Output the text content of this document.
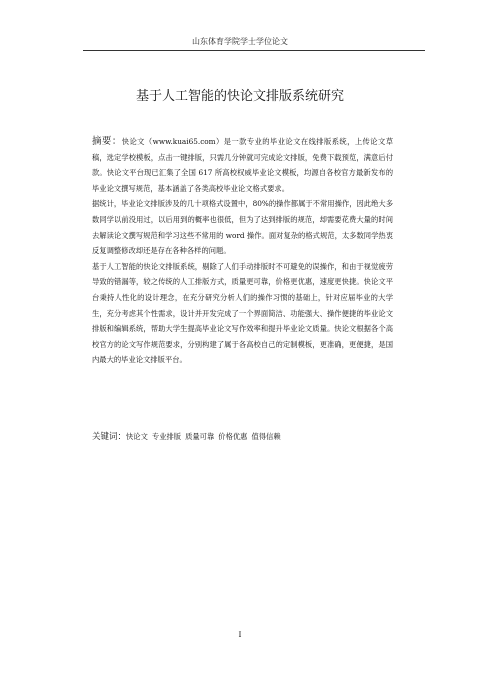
山东体育学院学士学位论文
基于人工智能的快论文排版系统研究

摘要：快论文（www.kuai65.com）是一款专业的毕业论文在线排版系统，上传论文草稿，选定学校模板，点击一键排版，只需几分钟就可完成论文排版，免费下载预览，满意后付款。快论文平台现已汇集了全国 617 所高校权威毕业论文模板，均源自各校官方最新发布的毕业论文撰写规范，基本涵盖了各类高校毕业论文格式要求。

据统计，毕业论文排版涉及的几十项格式设置中，80%的操作都属于不常用操作，因此绝大多数同学以前没用过，以后用到的概率也很低，但为了达到排版的规范，却需要花费大量的时间去解读论文撰写规范和学习这些不常用的 word 操作。面对复杂的格式规范，太多数同学热衷反复调整修改却还是存在各种各样的问题。

基于人工智能的快论文排版系统，剔除了人们手动排版时不可避免的误操作，和由于视觉疲劳导致的错漏等，较之传统的人工排版方式，质量更可靠，价格更优惠，速度更快捷。快论文平台秉持人性化的设计理念，在充分研究分析人们的操作习惯的基础上，针对应届毕业的大学生，充分考虑其个性需求，设计并开发完成了一个界面简洁、功能强大、操作便捷的毕业论文排版和编辑系统，帮助大学生提高毕业论文写作效率和提升毕业论文质量。快论文根据各个高校官方的论文写作规范要求，分别构建了属于各高校自己的定制模板，更准确，更便捷，是国内最大的毕业论文排版平台。

关键词：快论文 专业排版 质量可靠 价格优惠 值得信赖
I
